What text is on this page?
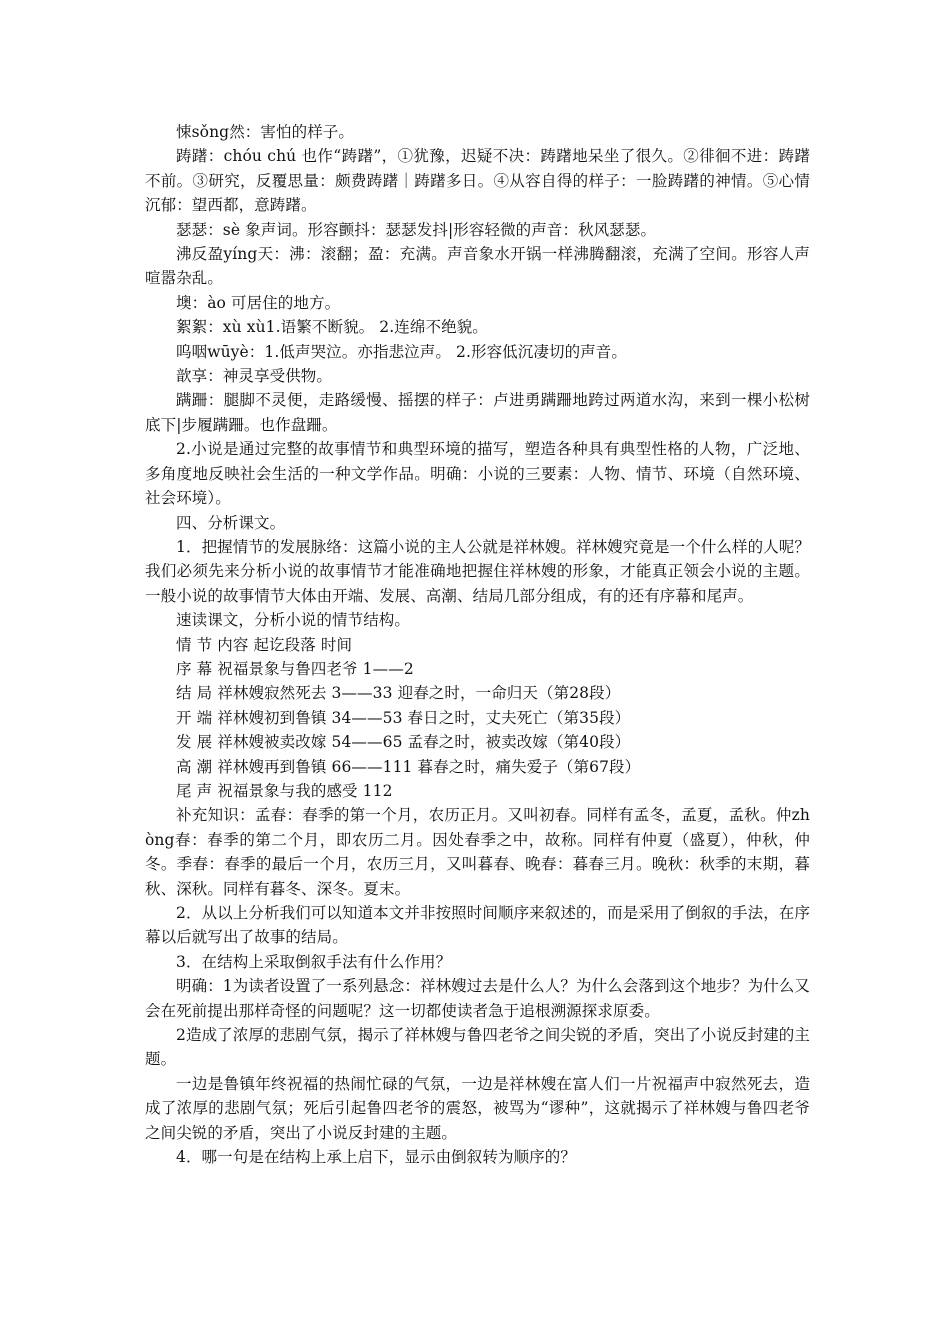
悚sǒng然：害怕的样子。

踌躇：chóu chú 也作“踌躇”，①犹豫，迟疑不决：踌躇地呆坐了很久。②徘徊不进：踌躇不前。③研究，反覆思量：颇费踌躇｜踌躇多日。④从容自得的样子：一脸踌躇的神情。⑤心情沉郁：望西都，意踌躇。

瑟瑟：sè 象声词。形容颤抖：瑟瑟发抖|形容轻微的声音：秋风瑟瑟。

沸反盈yíng天：沸：滚翻；盈：充满。声音象水开锅一样沸腾翻滚，充满了空间。形容人声喧嚣杂乱。

墺：ào 可居住的地方。

絮絮：xù xù1.语繁不断貌。 2.连绵不绝貌。

呜咽wūyè：1.低声哭泣。亦指悲泣声。 2.形容低沉凄切的声音。

歆享：神灵享受供物。

蹒跚：腿脚不灵便，走路缓慢、摇摆的样子：卢进勇蹒跚地跨过两道水沟，来到一棵小松树底下|步履蹒跚。也作盘跚。

2.小说是通过完整的故事情节和典型环境的描写，塑造各种具有典型性格的人物，广泛地、多角度地反映社会生活的一种文学作品。明确：小说的三要素：人物、情节、环境（自然环境、社会环境）。

四、分析课文。

1．把握情节的发展脉络：这篇小说的主人公就是祥林嫂。祥林嫂究竟是一个什么样的人呢？我们必须先来分析小说的故事情节才能准确地把握住祥林嫂的形象，才能真正领会小说的主题。一般小说的故事情节大体由开端、发展、高潮、结局几部分组成，有的还有序幕和尾声。

速读课文，分析小说的情节结构。

情 节 内容 起讫段落 时间

序 幕 祝福景象与鲁四老爷 1——2

结 局 祥林嫂寂然死去 3——33 迎春之时，一命归天（第28段）

开 端 祥林嫂初到鲁镇 34——53 春日之时，丈夫死亡（第35段）

发 展 祥林嫂被卖改嫁 54——65 孟春之时，被卖改嫁（第40段）

高 潮 祥林嫂再到鲁镇 66——111 暮春之时，痛失爱子（第67段）

尾 声 祝福景象与我的感受 112

补充知识：孟春：春季的第一个月，农历正月。又叫初春。同样有孟冬，孟夏，孟秋。仲zhòng春：春季的第二个月，即农历二月。因处春季之中，故称。同样有仲夏（盛夏），仲秋，仲冬。季春：春季的最后一个月，农历三月，又叫暮春、晚春：暮春三月。晚秋：秋季的末期，暮秋、深秋。同样有暮冬、深冬。夏末。

2．从以上分析我们可以知道本文并非按照时间顺序来叙述的，而是采用了倒叙的手法，在序幕以后就写出了故事的结局。

3．在结构上采取倒叙手法有什么作用？

明确：1为读者设置了一系列悬念：祥林嫂过去是什么人？为什么会落到这个地步？为什么又会在死前提出那样奇怪的问题呢？这一切都使读者急于追根溯源探求原委。

2造成了浓厚的悲剧气氛，揭示了祥林嫂与鲁四老爷之间尖锐的矛盾，突出了小说反封建的主题。

一边是鲁镇年终祝福的热闹忙碌的气氛，一边是祥林嫂在富人们一片祝福声中寂然死去，造成了浓厚的悲剧气氛；死后引起鲁四老爷的震怒，被骂为“谬种”，这就揭示了祥林嫂与鲁四老爷之间尖锐的矛盾，突出了小说反封建的主题。

4．哪一句是在结构上承上启下，显示由倒叙转为顺序的？
